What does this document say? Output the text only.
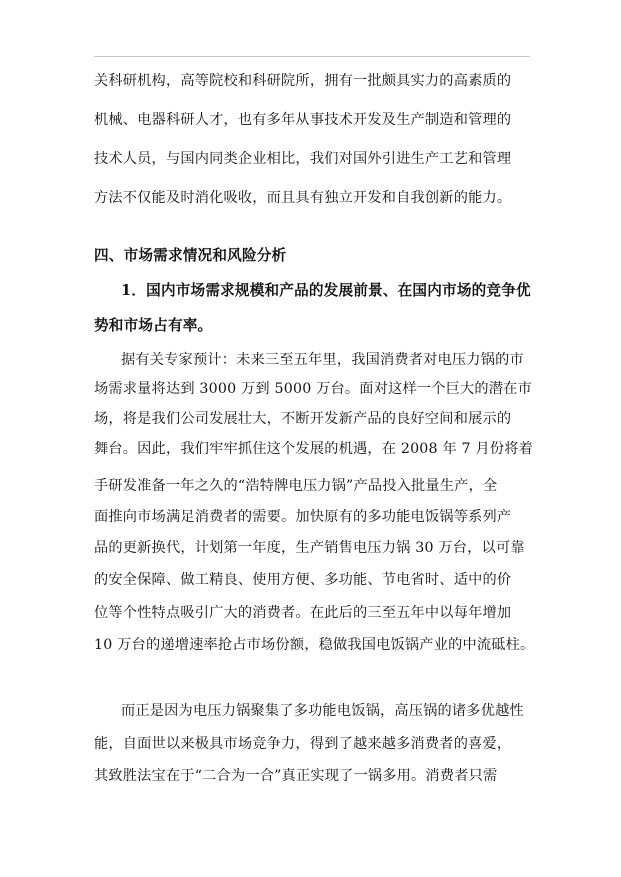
关科研机构，高等院校和科研院所，拥有一批颇具实力的高素质的
机械、电器科研人才，也有多年从事技术开发及生产制造和管理的
技术人员，与国内同类企业相比，我们对国外引进生产工艺和管理
方法不仅能及时消化吸收，而且具有独立开发和自我创新的能力。
四、市场需求情况和风险分析
1．国内市场需求规模和产品的发展前景、在国内市场的竞争优
势和市场占有率。
据有关专家预计：未来三至五年里，我国消费者对电压力锅的市
场需求量将达到 3000 万到 5000 万台。面对这样一个巨大的潜在市
场，将是我们公司发展壮大，不断开发新产品的良好空间和展示的
舞台。因此，我们牢牢抓住这个发展的机遇，在 2008 年 7 月份将着
手研发准备一年之久的“浩特牌电压力锅”产品投入批量生产，全
面推向市场满足消费者的需要。加快原有的多功能电饭锅等系列产
品的更新换代，计划第一年度，生产销售电压力锅 30 万台，以可靠
的安全保障、做工精良、使用方便、多功能、节电省时、适中的价
位等个性特点吸引广大的消费者。在此后的三至五年中以每年增加
10 万台的递增速率抢占市场份额，稳做我国电饭锅产业的中流砥柱。
而正是因为电压力锅聚集了多功能电饭锅，高压锅的诸多优越性
能，自面世以来极具市场竞争力，得到了越来越多消费者的喜爱，
其致胜法宝在于“二合为一合”真正实现了一锅多用。消费者只需
